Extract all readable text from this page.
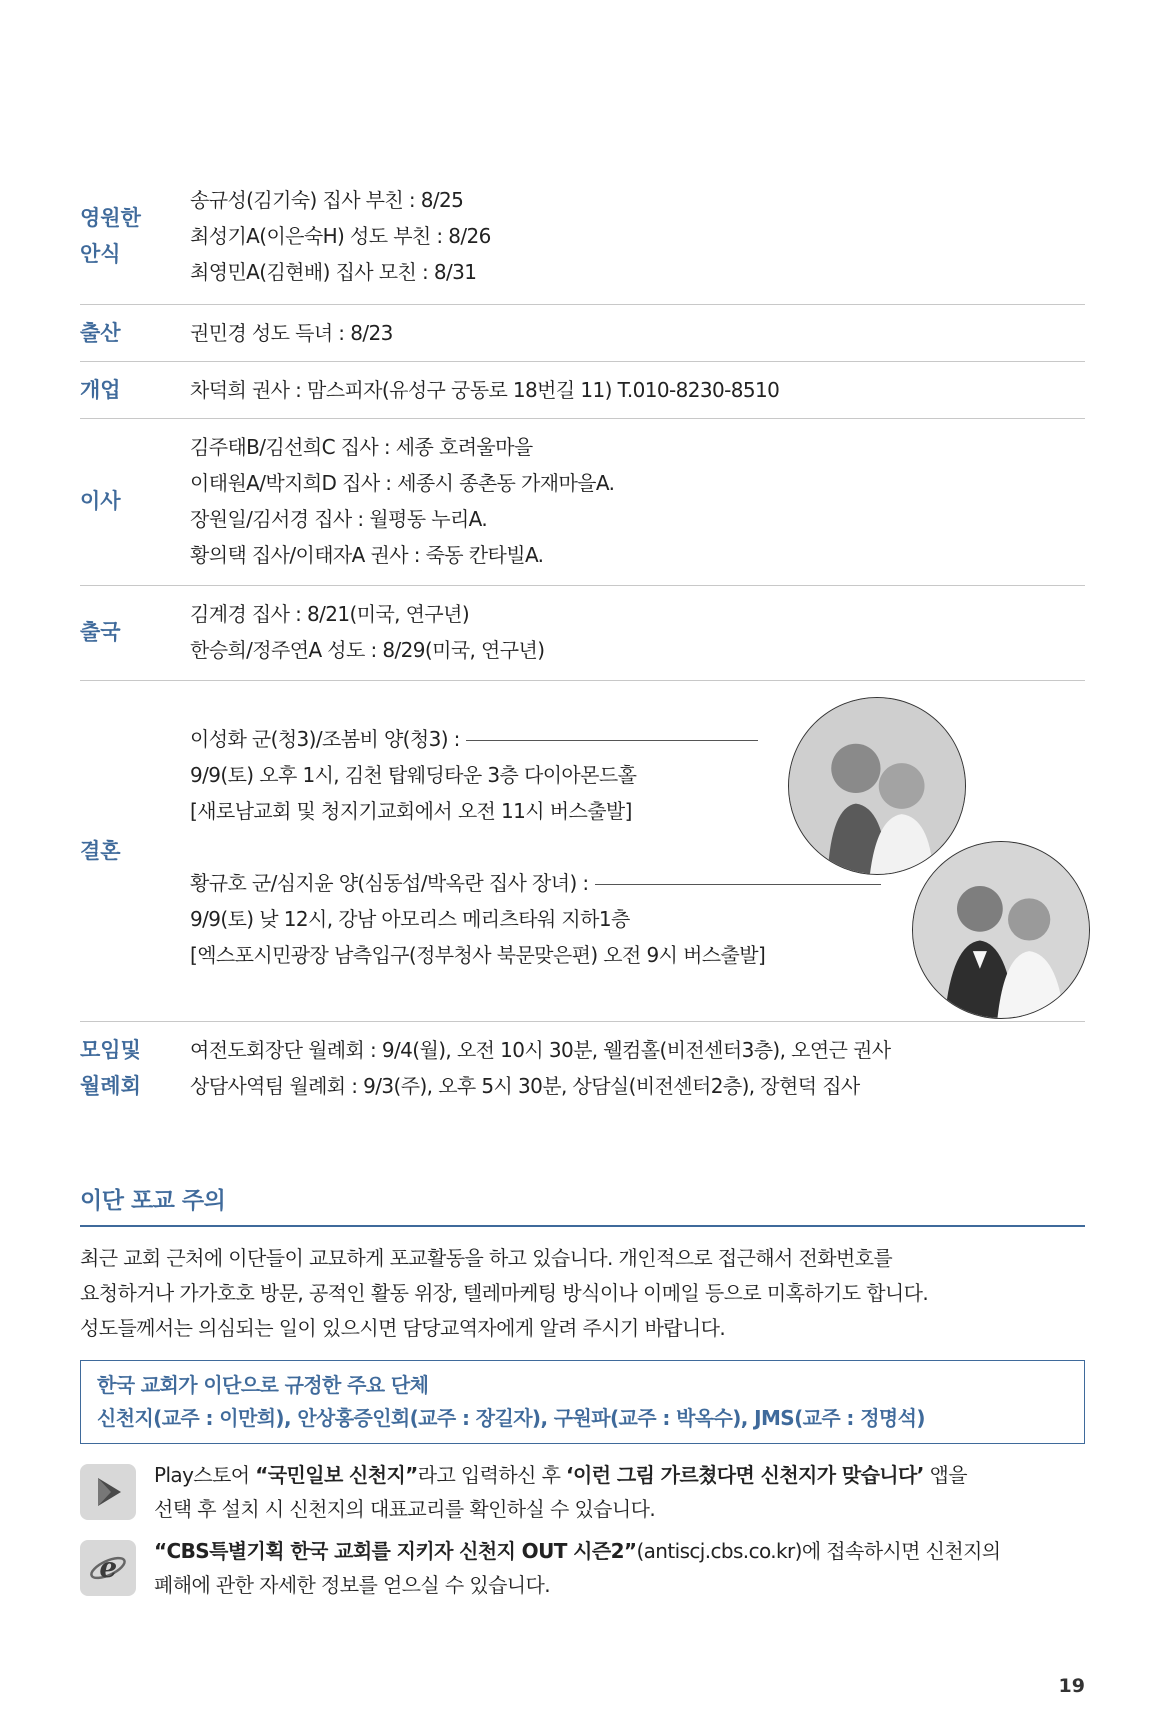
영원한
안식
송규성(김기숙) 집사 부친 : 8/25
최성기A(이은숙H) 성도 부친 : 8/26
최영민A(김현배) 집사 모친 : 8/31
출산	권민경 성도 득녀 : 8/23
개업	차덕희 권사 : 맘스피자(유성구 궁동로 18번길 11) T.010-8230-8510
이사
김주태B/김선희C 집사 : 세종 호려울마을
이태원A/박지희D 집사 : 세종시 종촌동 가재마을A.
장원일/김서경 집사 : 월평동 누리A.
황의택 집사/이태자A 권사 : 죽동 칸타빌A.
출국
김계경 집사 : 8/21(미국, 연구년)
한승희/정주연A 성도 : 8/29(미국, 연구년)
결혼
이성화 군(청3)/조봄비 양(청3) :
9/9(토) 오후 1시, 김천 탑웨딩타운 3층 다이아몬드홀
[새로남교회 및 청지기교회에서 오전 11시 버스출발]
황규호 군/심지윤 양(심동섭/박옥란 집사 장녀) :
9/9(토) 낮 12시, 강남 아모리스 메리츠타워 지하1층
[엑스포시민광장 남측입구(정부청사 북문맞은편) 오전 9시 버스출발]
모임및
월례회
여전도회장단 월례회 : 9/4(월), 오전 10시 30분, 웰컴홀(비전센터3층), 오연근 권사
상담사역팀 월례회 : 9/3(주), 오후 5시 30분, 상담실(비전센터2층), 장현덕 집사
이단 포교 주의
최근 교회 근처에 이단들이 교묘하게 포교활동을 하고 있습니다. 개인적으로 접근해서 전화번호를
요청하거나 가가호호 방문, 공적인 활동 위장, 텔레마케팅 방식이나 이메일 등으로 미혹하기도 합니다.
성도들께서는 의심되는 일이 있으시면 담당교역자에게 알려 주시기 바랍니다.
한국 교회가 이단으로 규정한 주요 단체
신천지(교주 : 이만희), 안상홍증인회(교주 : 장길자), 구원파(교주 : 박옥수), JMS(교주 : 정명석)
Play스토어 “국민일보 신천지”라고 입력하신 후 ‘이런 그림 가르쳤다면 신천지가 맞습니다’ 앱을
선택 후 설치 시 신천지의 대표교리를 확인하실 수 있습니다.
e “CBS특별기획 한국 교회를 지키자 신천지 OUT 시즌2”(antiscj.cbs.co.kr)에 접속하시면 신천지의
폐해에 관한 자세한 정보를 얻으실 수 있습니다.
19
